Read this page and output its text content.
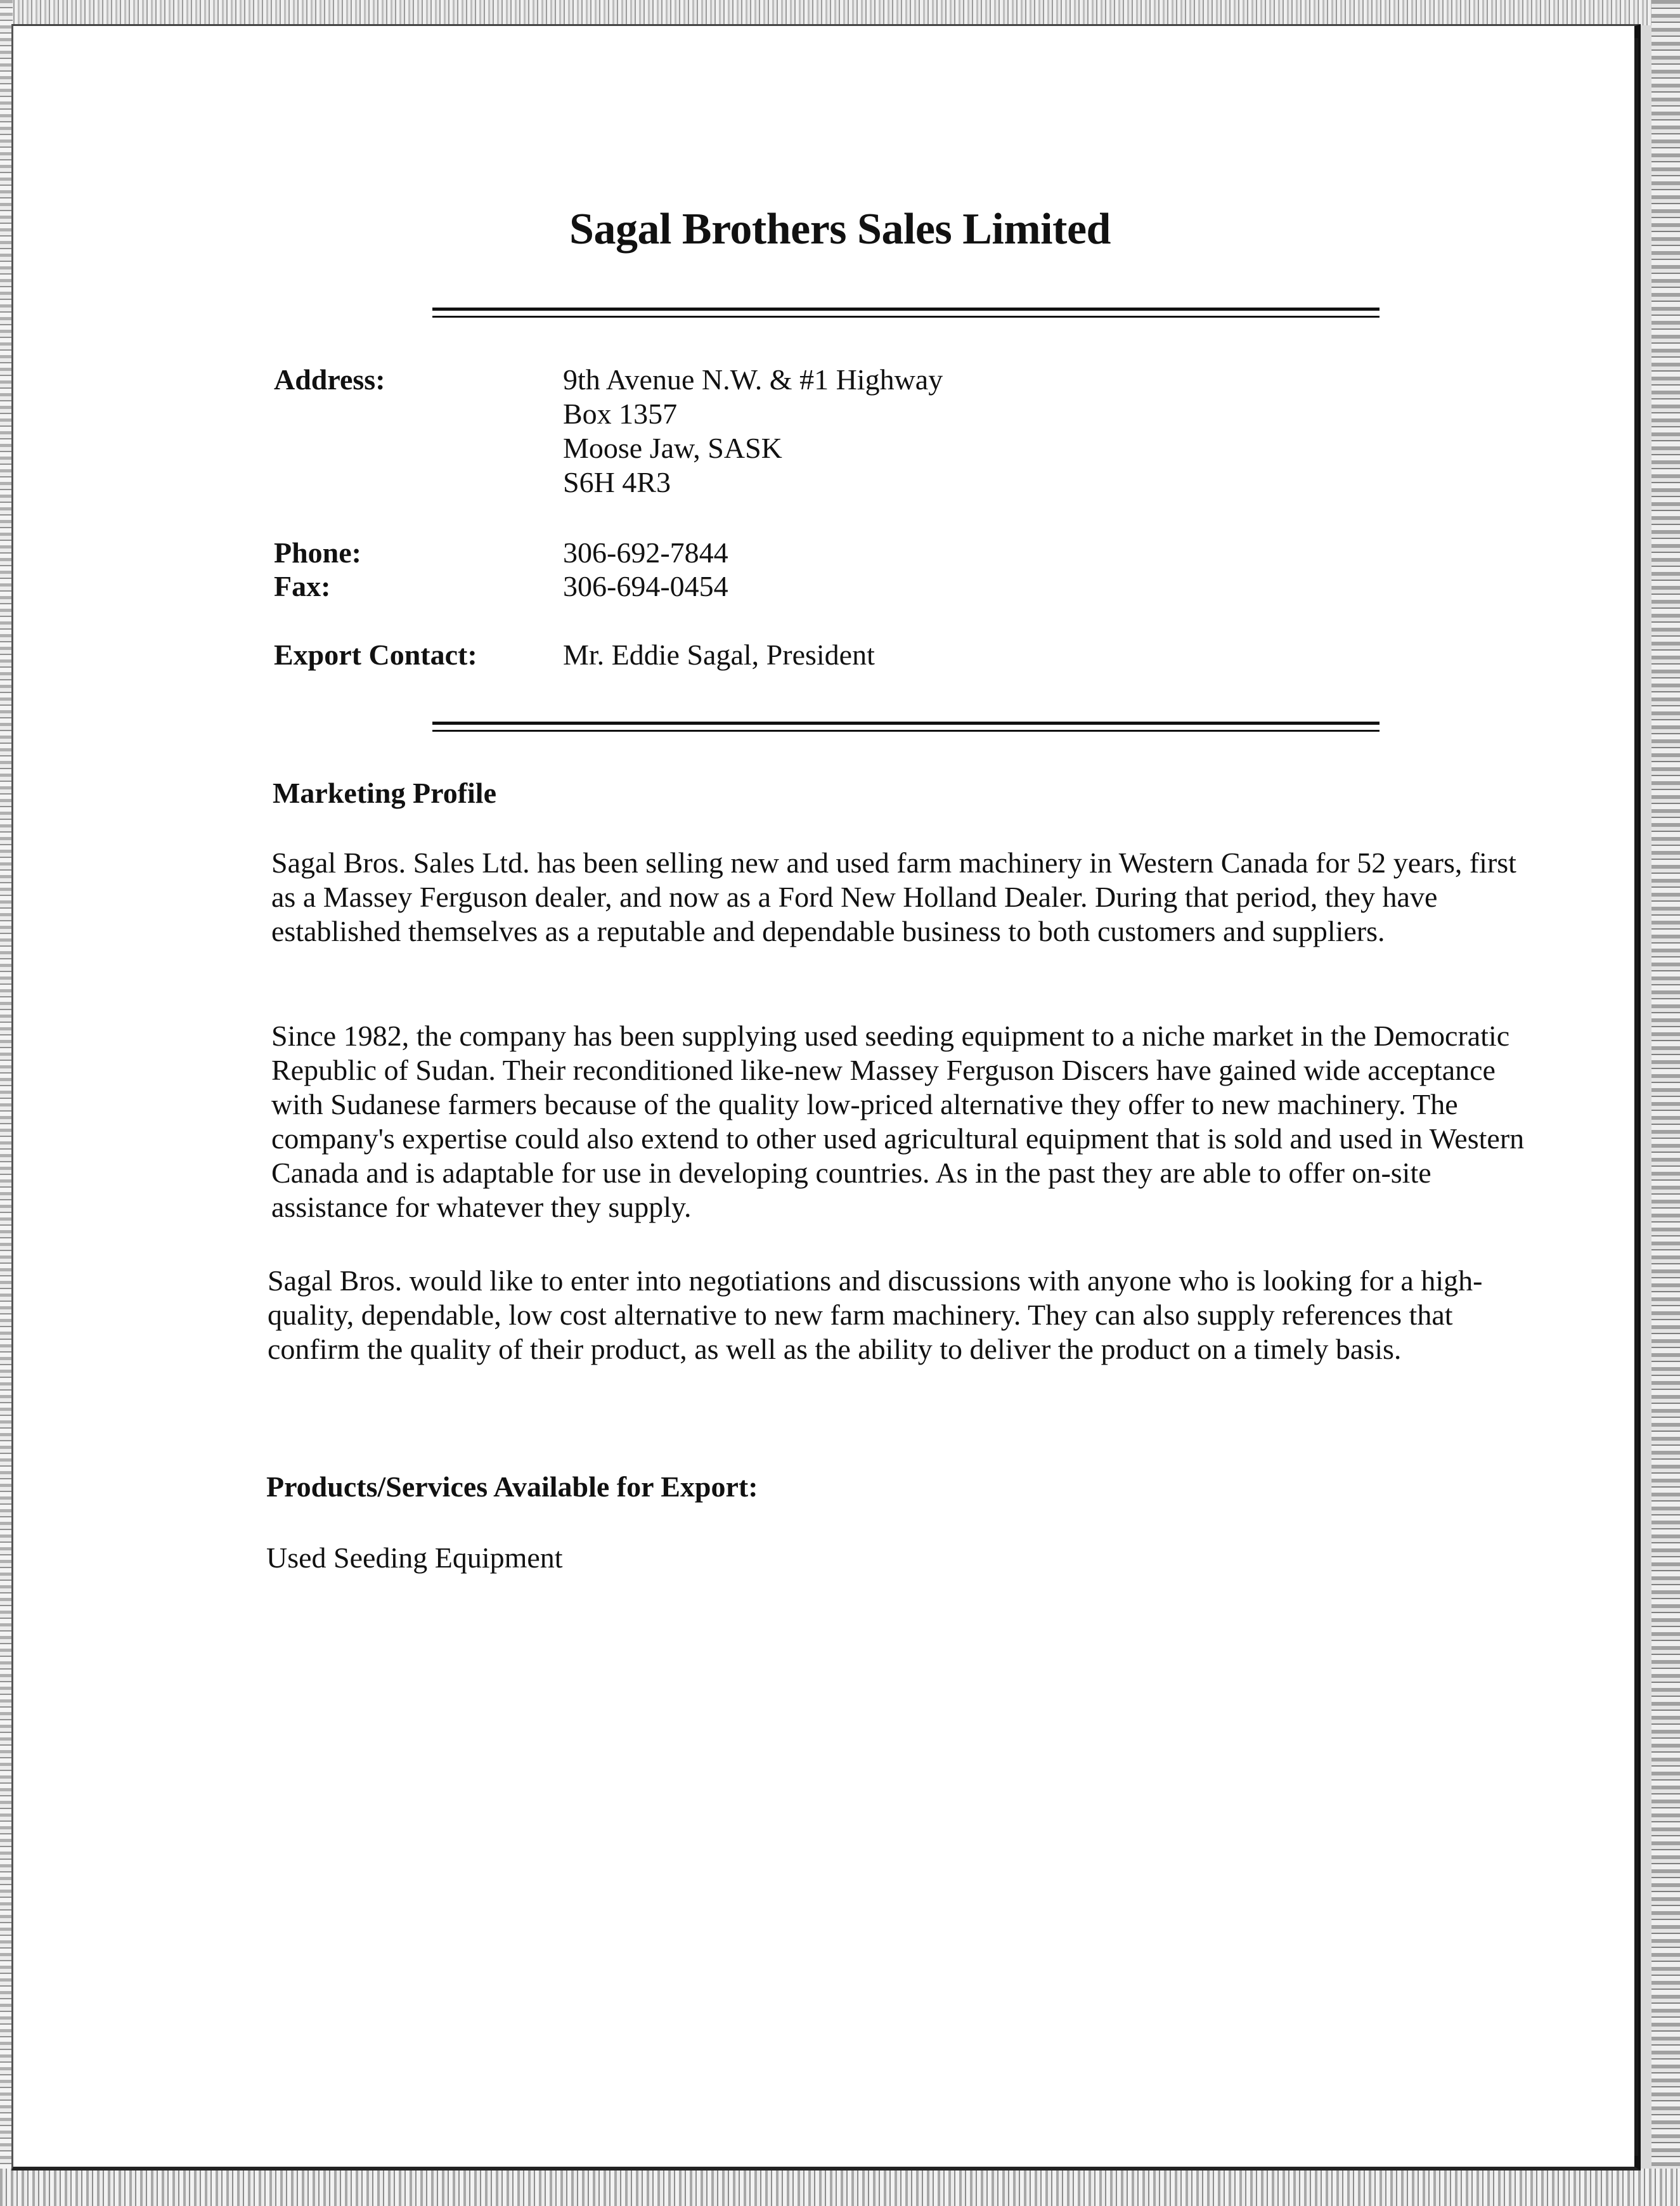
Sagal Brothers Sales Limited
Address:	9th Avenue N.W. & #1 Highway
Box 1357
Moose Jaw, SASK
S6H 4R3
Phone:	306-692-7844
Fax:	306-694-0454
Export Contact:	Mr. Eddie Sagal, President
Marketing Profile
Sagal Bros. Sales Ltd. has been selling new and used farm machinery in Western Canada for 52 years, first as a Massey Ferguson dealer, and now as a Ford New Holland Dealer. During that period, they have established themselves as a reputable and dependable business to both customers and suppliers.
Since 1982, the company has been supplying used seeding equipment to a niche market in the Democratic Republic of Sudan. Their reconditioned like-new Massey Ferguson Discers have gained wide acceptance with Sudanese farmers because of the quality low-priced alternative they offer to new machinery. The company's expertise could also extend to other used agricultural equipment that is sold and used in Western Canada and is adaptable for use in developing countries. As in the past they are able to offer on-site assistance for whatever they supply.
Sagal Bros. would like to enter into negotiations and discussions with anyone who is looking for a high-quality, dependable, low cost alternative to new farm machinery. They can also supply references that confirm the quality of their product, as well as the ability to deliver the product on a timely basis.
Products/Services Available for Export:
Used Seeding Equipment
